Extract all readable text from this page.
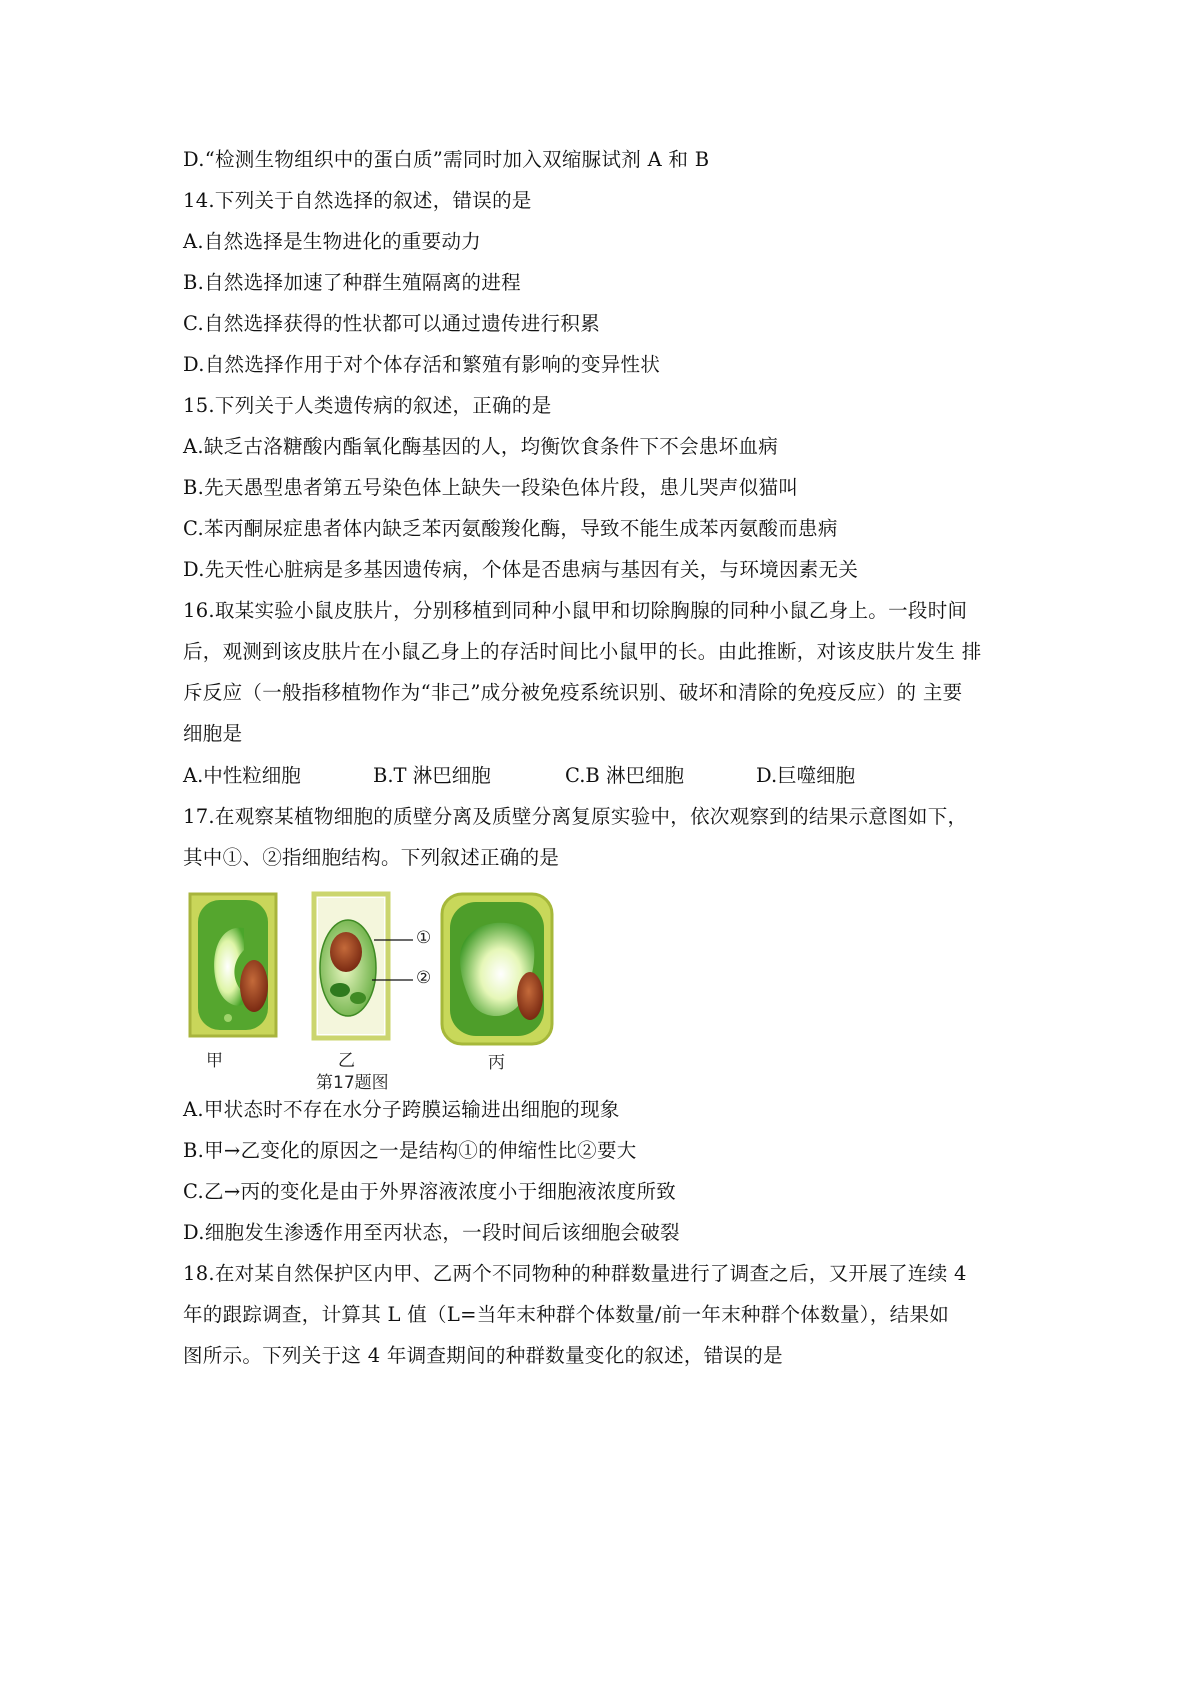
D.“检测生物组织中的蛋白质”需同时加入双缩脲试剂 A 和 B
14.下列关于自然选择的叙述，错误的是
A.自然选择是生物进化的重要动力
B.自然选择加速了种群生殖隔离的进程
C.自然选择获得的性状都可以通过遗传进行积累
D.自然选择作用于对个体存活和繁殖有影响的变异性状
15.下列关于人类遗传病的叙述，正确的是
A.缺乏古洛糖酸内酯氧化酶基因的人，均衡饮食条件下不会患坏血病
B.先天愚型患者第五号染色体上缺失一段染色体片段，患儿哭声似猫叫
C.苯丙酮尿症患者体内缺乏苯丙氨酸羧化酶，导致不能生成苯丙氨酸而患病
D.先天性心脏病是多基因遗传病，个体是否患病与基因有关，与环境因素无关
16.取某实验小鼠皮肤片，分别移植到同种小鼠甲和切除胸腺的同种小鼠乙身上。一段时间
后，观测到该皮肤片在小鼠乙身上的存活时间比小鼠甲的长。由此推断，对该皮肤片发生 排
斥反应（一般指移植物作为“非己”成分被免疫系统识别、破坏和清除的免疫反应）的 主要
细胞是
A.中性粒细胞	B.T 淋巴细胞	C.B 淋巴细胞	D.巨噬细胞
17.在观察某植物细胞的质壁分离及质壁分离复原实验中，依次观察到的结果示意图如下，
其中①、②指细胞结构。下列叙述正确的是
甲	乙	丙
①
②
第17题图
A.甲状态时不存在水分子跨膜运输进出细胞的现象
B.甲→乙变化的原因之一是结构①的伸缩性比②要大
C.乙→丙的变化是由于外界溶液浓度小于细胞液浓度所致
D.细胞发生渗透作用至丙状态，一段时间后该细胞会破裂
18.在对某自然保护区内甲、乙两个不同物种的种群数量进行了调查之后，又开展了连续 4
年的跟踪调查，计算其 L 值（L=当年末种群个体数量/前一年末种群个体数量），结果如
图所示。下列关于这 4 年调查期间的种群数量变化的叙述，错误的是
